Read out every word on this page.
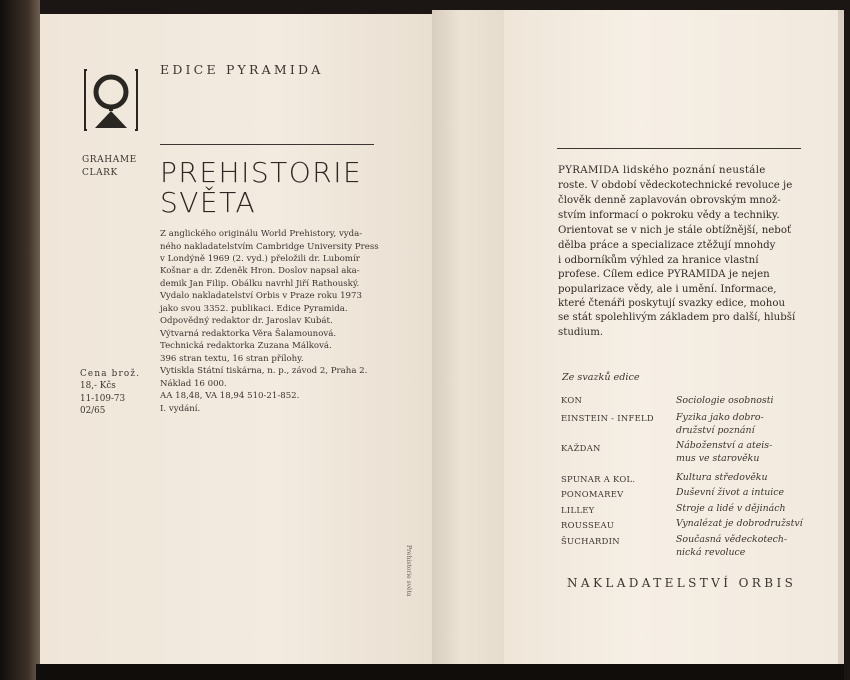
EDICE PYRAMIDA
GRAHAME
CLARK PREHISTORIE
SVĚTA
Z anglického originálu World Prehistory, vyda-
ného nakladatelstvím Cambridge University Press
v Londýně 1969 (2. vyd.) přeložili dr. Lubomír
Košnar a dr. Zdeněk Hron. Doslov napsal aka-
demik Jan Filip. Obálku navrhl Jiří Rathouský.
Vydalo nakladatelství Orbis v Praze roku 1973
jako svou 3352. publikaci. Edice Pyramida.
Odpovědný redaktor dr. Jaroslav Kubát.
Výtvarná redaktorka Věra Šalamounová.
Technická redaktorka Zuzana Málková.
396 stran textu, 16 stran přílohy.
Vytiskla Státní tiskárna, n. p., závod 2, Praha 2.
Náklad 16 000.
AA 18,48, VA 18,94 510-21-852.
I. vydání.
Cena brož.
18,- Kčs
11-109-73
02/65
Prehistorie světa
PYRAMIDA lidského poznání neustále
roste. V období vědeckotechnické revoluce je
člověk denně zaplavován obrovským množ-
stvím informací o pokroku vědy a techniky.
Orientovat se v nich je stále obtížnější, neboť
dělba práce a specializace ztěžují mnohdy
i odborníkům výhled za hranice vlastní
profese. Cílem edice PYRAMIDA je nejen
popularizace vědy, ale i umění. Informace,
které čtenáři poskytují svazky edice, mohou
se stát spolehlivým základem pro další, hlubší
studium.
Ze svazků edice
KON	Sociologie osobnosti
EINSTEIN - INFELD Fyzika jako dobro-
družství poznání
KAŽDAN	Náboženství a ateis-
mus ve starověku
SPUNAR A KOL.	Kultura středověku
PONOMAREV	Duševní život a intuice
LILLEY	Stroje a lidé v dějinách
ROUSSEAU	Vynalézat je dobrodružství
ŠUCHARDIN	Současná vědeckotech-
nická revoluce
NAKLADATELSTVÍ ORBIS
